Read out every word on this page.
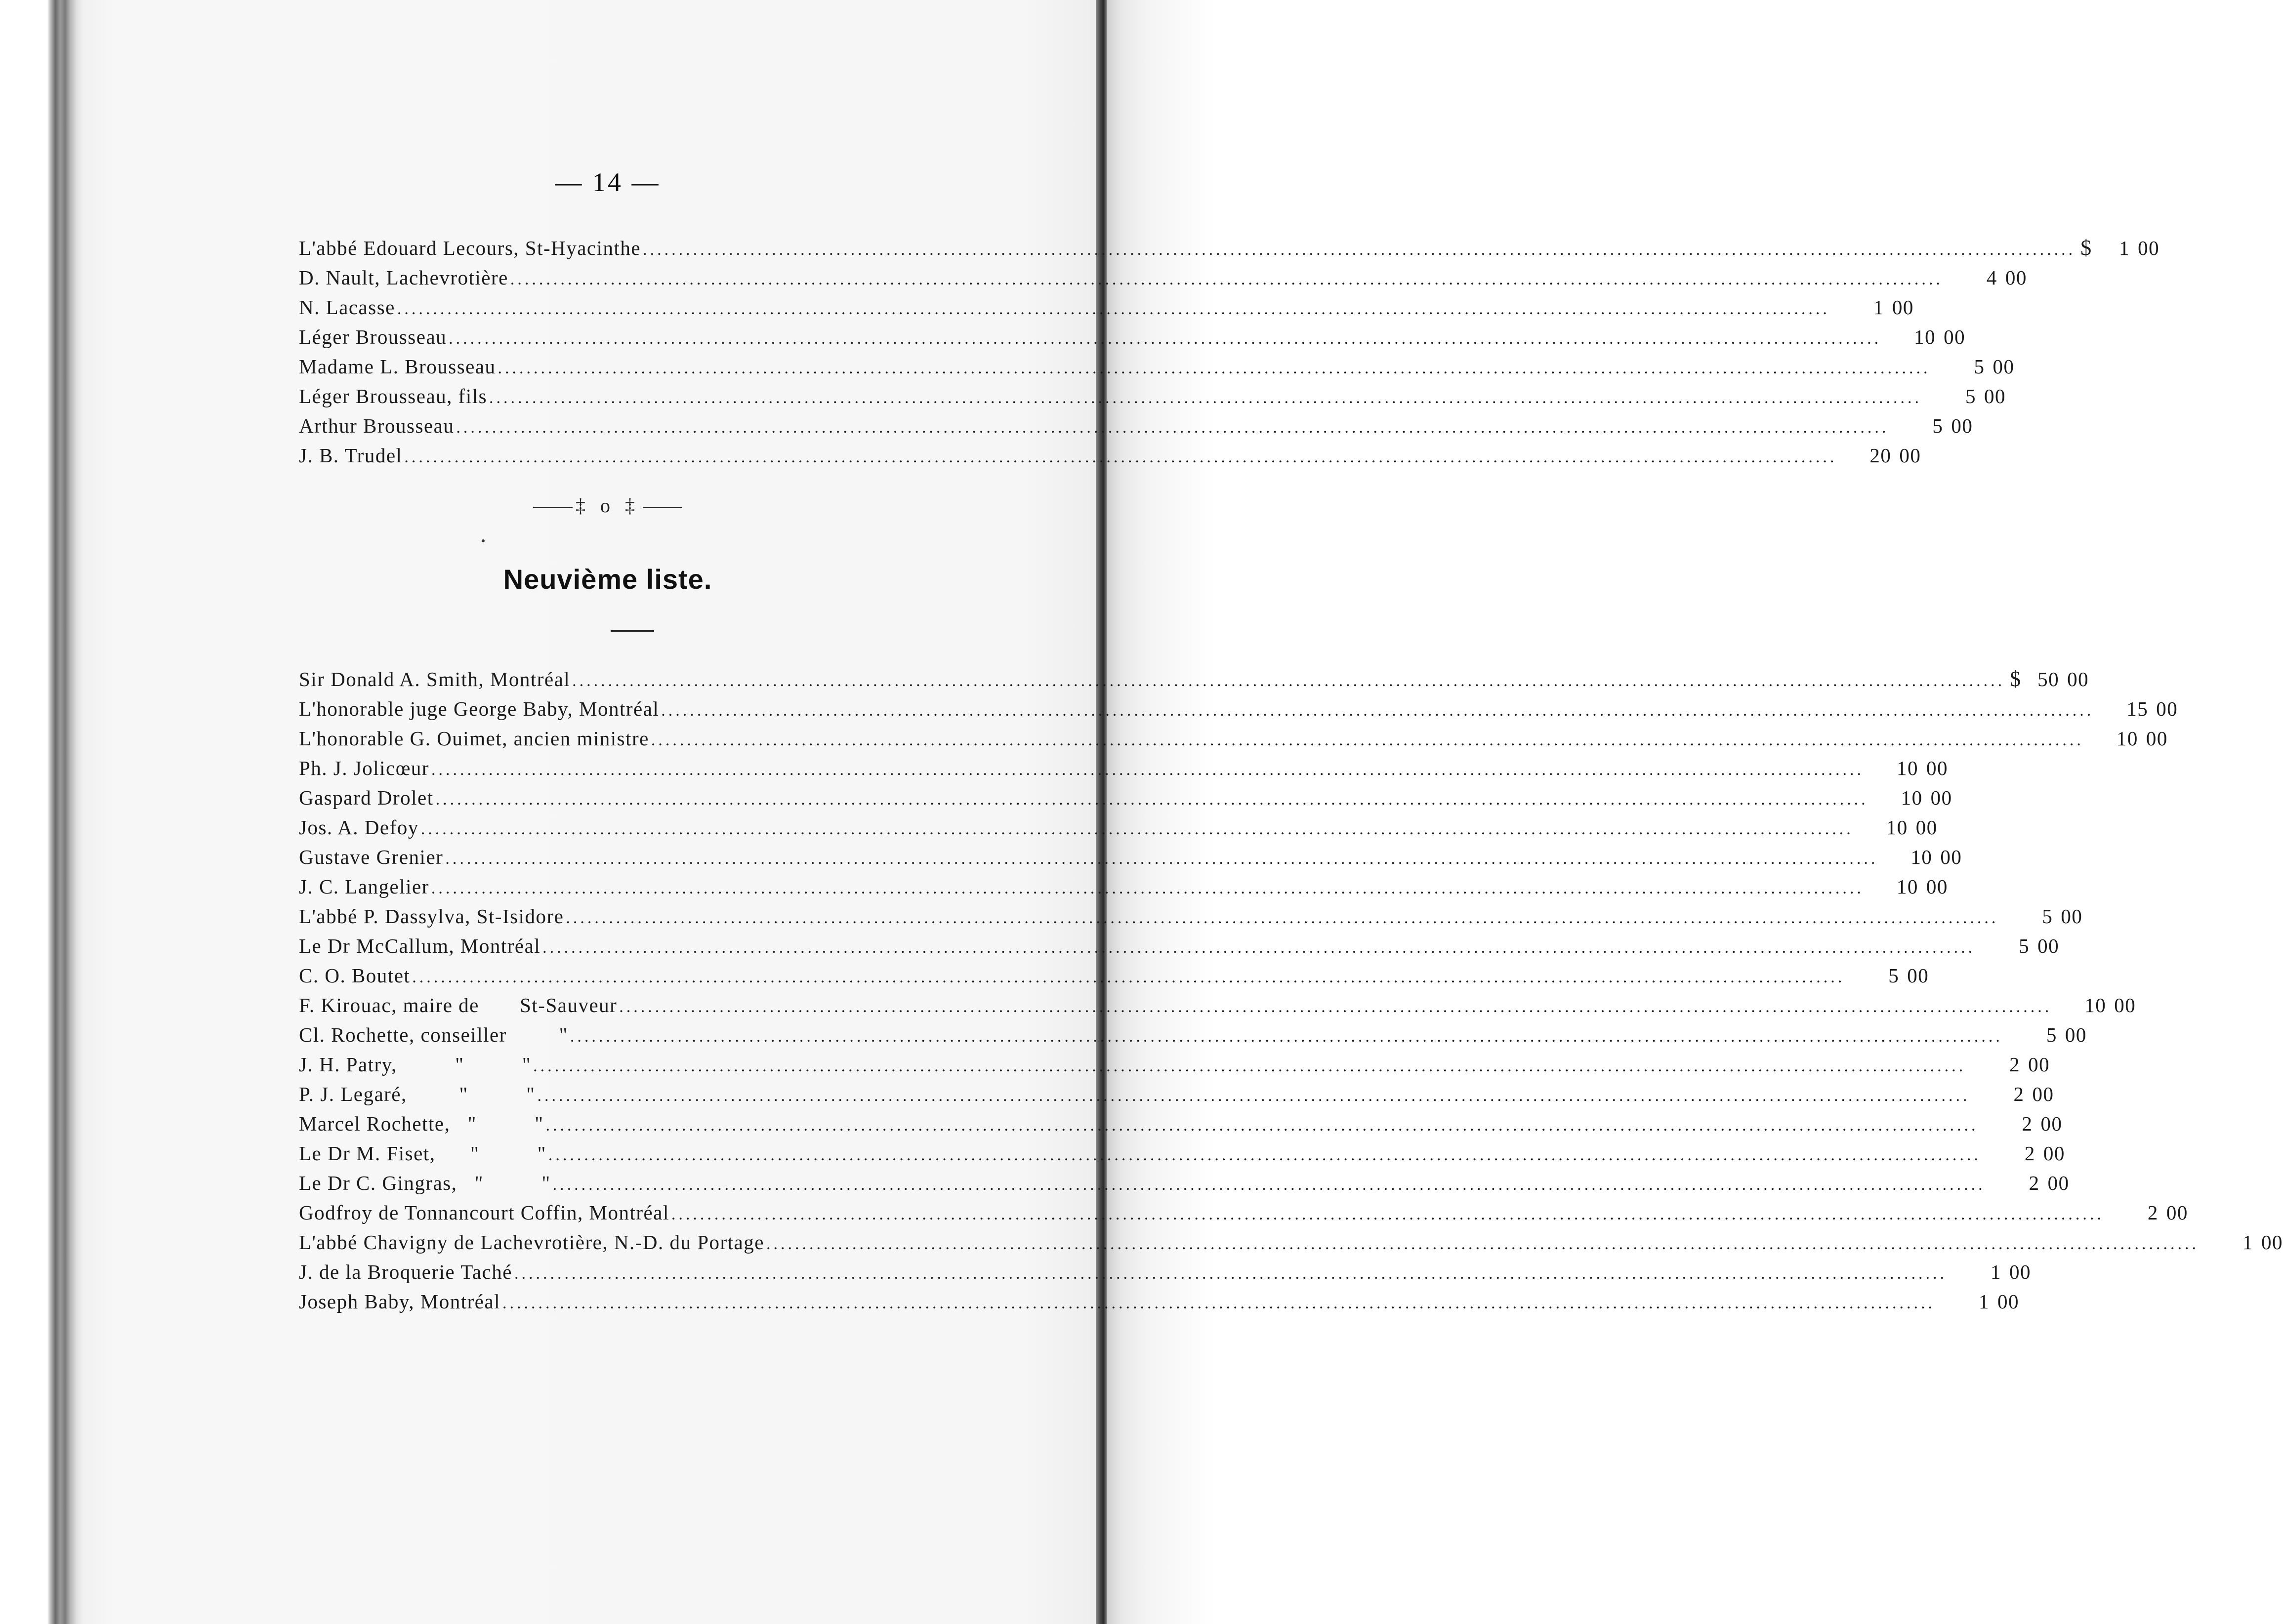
— 14 —
L'abbé Edouard Lecours, St-Hyacinthe ........................................................................................................................................................................................................ $ 1 00
D. Nault, Lachevrotière ........................................................................................................................................................................................................	4 00
N. Lacasse ........................................................................................................................................................................................................	1 00
Léger Brousseau ........................................................................................................................................................................................................	10 00
Madame L. Brousseau ........................................................................................................................................................................................................	5 00
Léger Brousseau, fils ........................................................................................................................................................................................................	5 00
Arthur Brousseau ........................................................................................................................................................................................................	5 00
J. B. Trudel ........................................................................................................................................................................................................	20 00
‡ o ‡
Neuvième liste.
Sir Donald A. Smith, Montréal ........................................................................................................................................................................................................ $ 50 00
L'honorable juge George Baby, Montréal ........................................................................................................................................................................................................	15 00
L'honorable G. Ouimet, ancien ministre ........................................................................................................................................................................................................	10 00
Ph. J. Jolicœur ........................................................................................................................................................................................................	10 00
Gaspard Drolet ........................................................................................................................................................................................................	10 00
Jos. A. Defoy ........................................................................................................................................................................................................	10 00
Gustave Grenier ........................................................................................................................................................................................................	10 00
J. C. Langelier ........................................................................................................................................................................................................	10 00
L'abbé P. Dassylva, St-Isidore ........................................................................................................................................................................................................	5 00
Le Dr McCallum, Montréal ........................................................................................................................................................................................................	5 00
C. O. Boutet ........................................................................................................................................................................................................	5 00
F. Kirouac, maire de       St-Sauveur ........................................................................................................................................................................................................	10 00
Cl. Rochette, conseiller         " ........................................................................................................................................................................................................	5 00
J. H. Patry,          "          " ........................................................................................................................................................................................................	2 00
P. J. Legaré,         "          " ........................................................................................................................................................................................................	2 00
Marcel Rochette,   "          " ........................................................................................................................................................................................................	2 00
Le Dr M. Fiset,      "          " ........................................................................................................................................................................................................	2 00
Le Dr C. Gingras,   "          " ........................................................................................................................................................................................................	2 00
Godfroy de Tonnancourt Coffin, Montréal ........................................................................................................................................................................................................	2 00
L'abbé Chavigny de Lachevrotière, N.-D. du Portage ........................................................................................................................................................................................................	1 00
J. de la Broquerie Taché ........................................................................................................................................................................................................	1 00
Joseph Baby, Montréal ........................................................................................................................................................................................................	1 00
